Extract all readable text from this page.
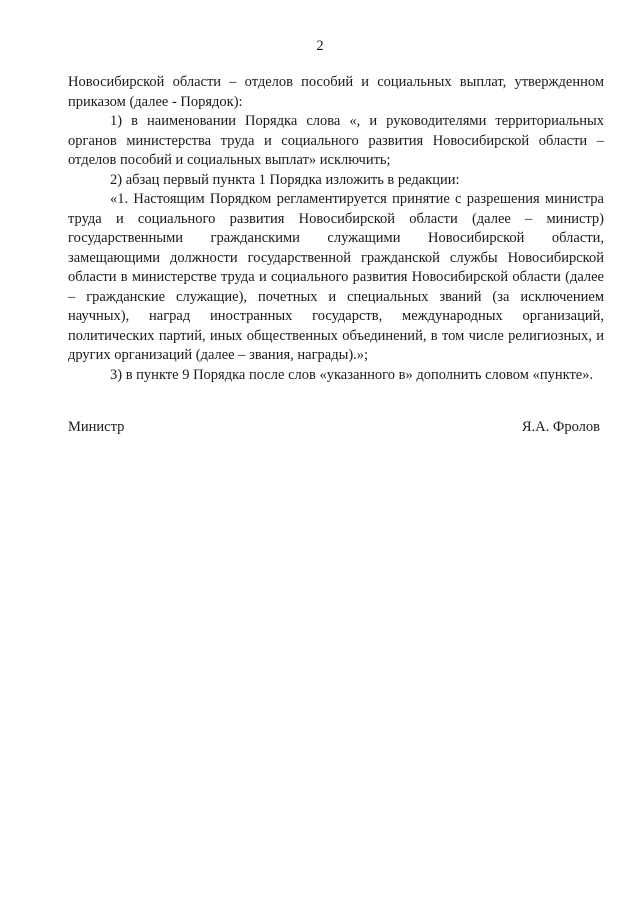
2

Новосибирской области – отделов пособий и социальных выплат, утвержденном приказом (далее - Порядок):

1) в наименовании Порядка слова «, и руководителями территориальных органов министерства труда и социального развития Новосибирской области – отделов пособий и социальных выплат» исключить;

2) абзац первый пункта 1 Порядка изложить в редакции:

«1. Настоящим Порядком регламентируется принятие с разрешения министра труда и социального развития Новосибирской области (далее – министр) государственными гражданскими служащими Новосибирской области, замещающими должности государственной гражданской службы Новосибирской области в министерстве труда и социального развития Новосибирской области (далее – гражданские служащие), почетных и специальных званий (за исключением научных), наград иностранных государств, международных организаций, политических партий, иных общественных объединений, в том числе религиозных, и других организаций (далее – звания, награды).»;

3) в пункте 9 Порядка после слов «указанного в» дополнить словом «пункте».

Министр	Я.А. Фролов
